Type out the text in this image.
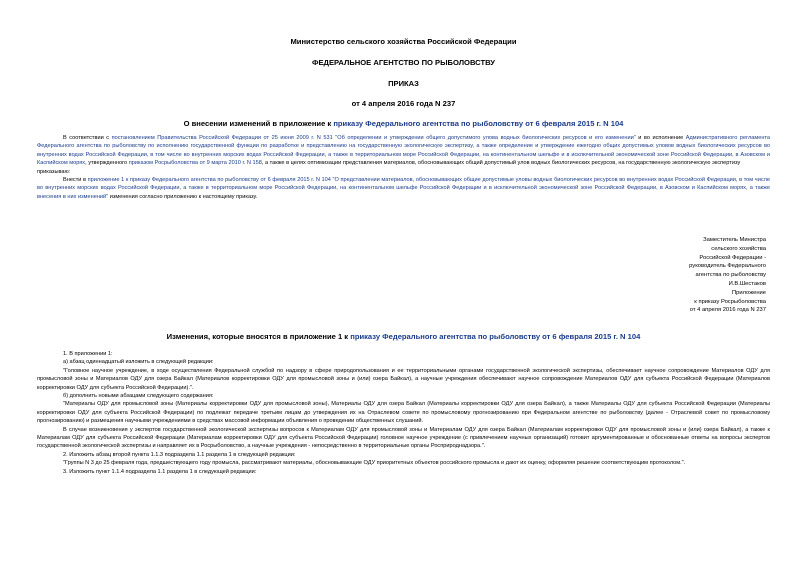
Министерство сельского хозяйства Российской Федерации
ФЕДЕРАЛЬНОЕ АГЕНТСТВО ПО РЫБОЛОВСТВУ
ПРИКАЗ
от 4 апреля 2016 года N 237
О внесении изменений в приложение к приказу Федерального агентства по рыболовству от 6 февраля 2015 г. N 104

В соответствии с постановлением Правительства Российской Федерации от 25 июня 2009 г. N 531 "Об определении и утверждении общего допустимого улова водных биологических ресурсов и его изменении" и во исполнение Административного регламента Федерального агентства по рыболовству по исполнению государственной функции по разработке и представлению на государственную экологическую экспертизу, а также определение и утверждение ежегодно общих допустимых уловов водных биологических ресурсов во внутренних водах Российской Федерации, в том числе во внутренних морских водах Российской Федерации, а также в территориальном море Российской Федерации, на континентальном шельфе и в исключительной экономической зоне Российской Федерации, в Азовском и Каспийском морях, утвержденного приказом Росрыболовства от 9 марта 2010 г. N 158, а также в целях оптимизации представления материалов, обосновывающих общий допустимый улов водных биологических ресурсов, на государственную экологическую экспертизу

приказываю:

Внести в приложение 1 к приказу Федерального агентства по рыболовству от 6 февраля 2015 г. N 104 "О представлении материалов, обосновывающих общие допустимые уловы водных биологических ресурсов во внутренних водах Российской Федерации, в том числе во внутренних морских водах Российской Федерации, а также в территориальном море Российской Федерации, на континентальном шельфе Российской Федерации и в исключительной экономической зоне Российской Федерации, в Азовском и Каспийском морях, а также внесения в них изменений" изменения согласно приложению к настоящему приказу.

Заместитель Министра
сельского хозяйства
Российской Федерации -
руководитель Федерального
агентства по рыболовству
И.В.Шестаков
Приложение
к приказу Росрыболовства
от 4 апреля 2016 года N 237
Изменения, которые вносятся в приложение 1 к приказу Федерального агентства по рыболовству от 6 февраля 2015 г. N 104

1. В приложении 1:

а) абзац одиннадцатый изложить в следующей редакции:

"Головное научное учреждение, в ходе осуществления Федеральной службой по надзору в сфере природопользования и ее территориальными органами государственной экологической экспертизы, обеспечивает научное сопровождение Материалов ОДУ для промысловой зоны и Материалов ОДУ для озера Байкал (Материалов корректировки ОДУ для промысловой зоны и (или) озера Байкал), а научные учреждения обеспечивают научное сопровождение Материалов ОДУ для субъекта Российской Федерации (Материалов корректировки ОДУ для субъекта Российской Федерации).".

б) дополнить новыми абзацами следующего содержания:

"Материалы ОДУ для промысловой зоны (Материалы корректировки ОДУ для промысловой зоны), Материалы ОДУ для озера Байкал (Материалы корректировки ОДУ для озера Байкал), а также Материалы ОДУ для субъекта Российской Федерации (Материалы корректировки ОДУ для субъекта Российской Федерации) по подлежат передаче третьим лицам до утверждения их на Отраслевом совете по промысловому прогнозированию при Федеральном агентстве по рыболовству (далее - Отраслевой совет по промысловому прогнозированию) и размещения научными учреждениями в средствах массовой информации объявления о проведении общественных слушаний.

В случае возникновения у экспертов государственной экологической экспертизы вопросов к Материалам ОДУ для промысловой зоны и Материалам ОДУ для озера Байкал (Материалам корректировки ОДУ для промысловой зоны и (или) озера Байкал), а также к Материалам ОДУ для субъекта Российской Федерации (Материалам корректировки ОДУ для субъекта Российской Федерации) головное научное учреждение (с привлечением научных организаций) готовит аргументированные и обоснованные ответы на вопросы экспертов государственной экологической экспертизы и направляет их в Росрыболовство, а научные учреждения - непосредственно в территориальные органы Росприроднадзора.".

2. Изложить абзац второй пункта 1.1.3 подраздела 1.1 раздела 1 в следующей редакции:

"Группы N 3 до 25 февраля года, предшествующего году промысла, рассматривают материалы, обосновывающие ОДУ приоритетных объектов российского промысла и дают их оценку, оформляя решение соответствующим протоколом.".

3. Изложить пункт 1.1.4 подраздела 1.1 раздела 1 в следующей редакции:
